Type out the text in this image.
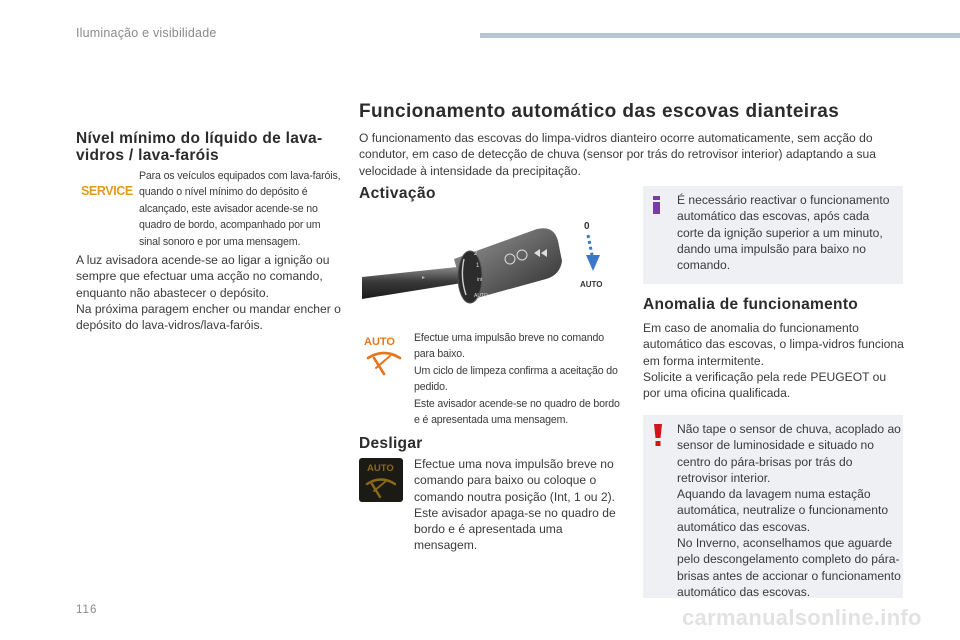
Iluminação e visibilidade
Nível mínimo do líquido de lava-vidros / lava-faróis
SERVICE
Para os veículos equipados com lava-faróis, quando o nível mínimo do depósito é alcançado, este avisador acende-se no quadro de bordo, acompanhado por um sinal sonoro e por uma mensagem.
A luz avisadora acende-se ao ligar a ignição ou sempre que efectuar uma acção no comando, enquanto não abastecer o depósito.
Na próxima paragem encher ou mandar encher o depósito do lava-vidros/lava-faróis.
Funcionamento automático das escovas dianteiras
O funcionamento das escovas do limpa-vidros dianteiro ocorre automaticamente, sem acção do condutor, em caso de detecção de chuva (sensor por trás do retrovisor interior) adaptando a sua velocidade à intensidade da precipitação.
Activação
2
1
int
AUTO
▸
0
AUTO
AUTO Efectue uma impulsão breve no comando para baixo.
Um ciclo de limpeza confirma a aceitação do pedido.
Este avisador acende-se no quadro de bordo e é apresentada uma mensagem.
Desligar
AUTO Efectue uma nova impulsão breve no comando para baixo ou coloque o comando noutra posição (Int, 1 ou 2). Este avisador apaga-se no quadro de bordo e é apresentada uma mensagem.
É necessário reactivar o funcionamento automático das escovas, após cada corte da ignição superior a um minuto, dando uma impulsão para baixo no comando.
Anomalia de funcionamento
Em caso de anomalia do funcionamento automático das escovas, o limpa-vidros funciona em forma intermitente.
Solicite a verificação pela rede PEUGEOT ou por uma oficina qualificada.
Não tape o sensor de chuva, acoplado ao sensor de luminosidade e situado no centro do pára-brisas por trás do retrovisor interior.
Aquando da lavagem numa estação automática, neutralize o funcionamento automático das escovas.
No Inverno, aconselhamos que aguarde pelo descongelamento completo do pára-brisas antes de accionar o funcionamento automático das escovas.
116	carmanualsonline.info
